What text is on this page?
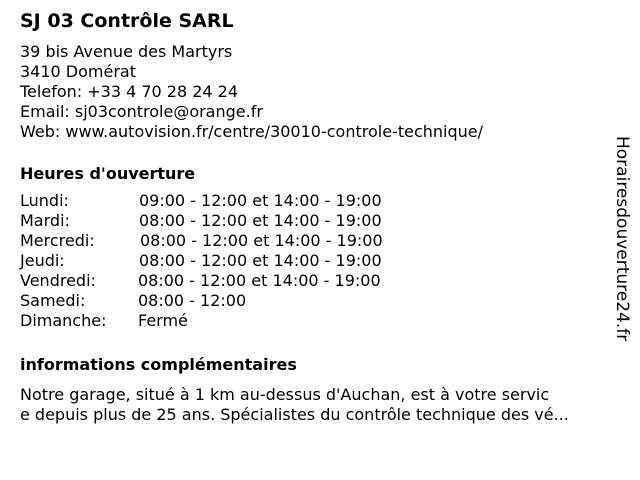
SJ 03 Contrôle SARL
39 bis Avenue des Martyrs
3410 Domérat
Telefon: +33 4 70 28 24 24
Email: sj03controle@orange.fr
Web: www.autovision.fr/centre/30010-controle-technique/
Heures d'ouverture
Lundi:	09:00 - 12:00 et 14:00 - 19:00
Mardi:	08:00 - 12:00 et 14:00 - 19:00
Mercredi:	08:00 - 12:00 et 14:00 - 19:00
Jeudi:	08:00 - 12:00 et 14:00 - 19:00
Vendredi:	08:00 - 12:00 et 14:00 - 19:00
Samedi:	08:00 - 12:00
Dimanche: Fermé
informations complémentaires
Notre garage, situé à 1 km au-dessus d'Auchan, est à votre servic
e depuis plus de 25 ans. Spécialistes du contrôle technique des vé...
Horairesdouverture24.fr
